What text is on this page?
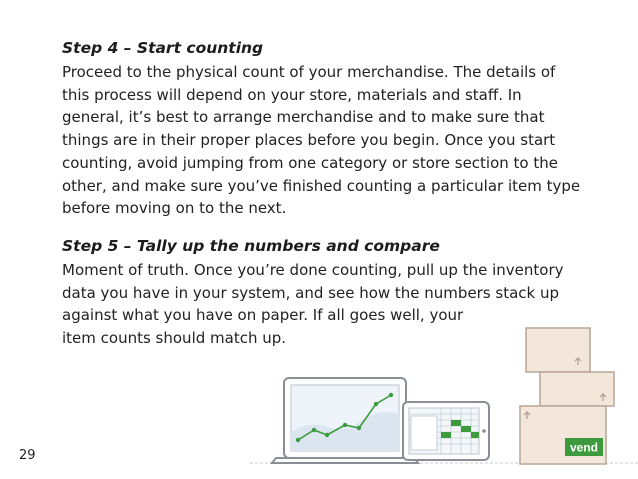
Step 4 – Start counting
Proceed to the physical count of your merchandise. The details of
this process will depend on your store, materials and staff. In
general, it’s best to arrange merchandise and to make sure that
things are in their proper places before you begin. Once you start
counting, avoid jumping from one category or store section to the
other, and make sure you’ve finished counting a particular item type
before moving on to the next.
Step 5 – Tally up the numbers and compare
Moment of truth. Once you’re done counting, pull up the inventory
data you have in your system, and see how the numbers stack up
against what you have on paper. If all goes well, your
item counts should match up.
29
vend
